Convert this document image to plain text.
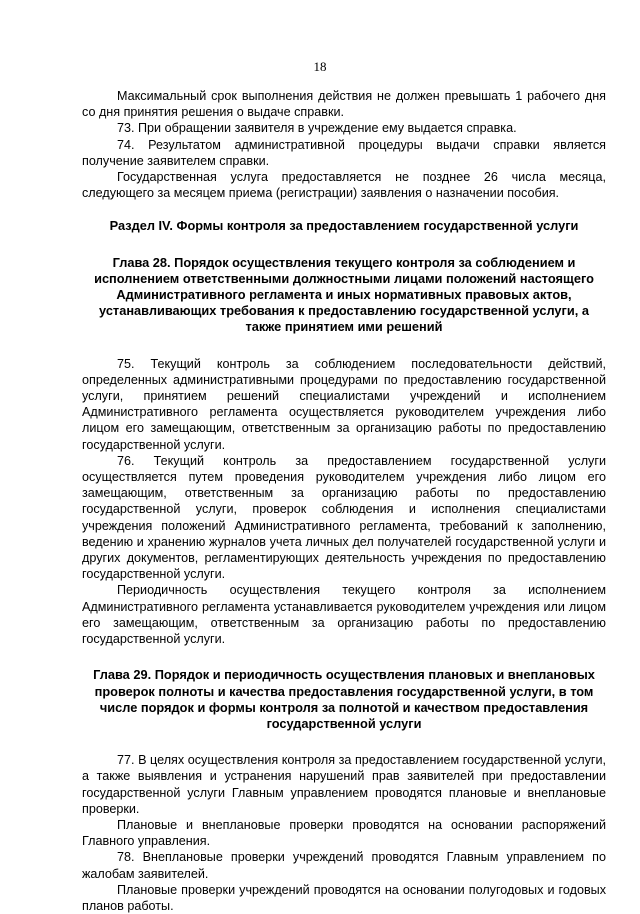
18

Максимальный срок выполнения действия не должен превышать 1 рабочего дня со дня принятия решения о выдаче справки.

73. При обращении заявителя в учреждение ему выдается справка.

74. Результатом административной процедуры выдачи справки является получение заявителем справки.

Государственная услуга предоставляется не позднее 26 числа месяца, следующего за месяцем приема (регистрации) заявления о назначении пособия.

Раздел IV. Формы контроля за предоставлением государственной услуги
Глава 28. Порядок осуществления текущего контроля за соблюдением и исполнением ответственными должностными лицами положений настоящего Административного регламента и иных нормативных правовых актов, устанавливающих требования к предоставлению государственной услуги, а также принятием ими решений

75. Текущий контроль за соблюдением последовательности действий, определенных административными процедурами по предоставлению государственной услуги, принятием решений специалистами учреждений и исполнением Административного регламента осуществляется руководителем учреждения либо лицом его замещающим, ответственным за организацию работы по предоставлению государственной услуги.

76. Текущий контроль за предоставлением государственной услуги осуществляется путем проведения руководителем учреждения либо лицом его замещающим, ответственным за организацию работы по предоставлению государственной услуги, проверок соблюдения и исполнения специалистами учреждения положений Административного регламента, требований к заполнению, ведению и хранению журналов учета личных дел получателей государственной услуги и других документов, регламентирующих деятельность учреждения по предоставлению государственной услуги.

Периодичность осуществления текущего контроля за исполнением Административного регламента устанавливается руководителем учреждения или лицом его замещающим, ответственным за организацию работы по предоставлению государственной услуги.

Глава 29. Порядок и периодичность осуществления плановых и внеплановых проверок полноты и качества предоставления государственной услуги, в том числе порядок и формы контроля за полнотой и качеством предоставления государственной услуги

77. В целях осуществления контроля за предоставлением государственной услуги, а также выявления и устранения нарушений прав заявителей при предоставлении государственной услуги Главным управлением проводятся плановые и внеплановые проверки.

Плановые и внеплановые проверки проводятся на основании распоряжений Главного управления.

78. Внеплановые проверки учреждений проводятся Главным управлением по жалобам заявителей.

Плановые проверки учреждений проводятся на основании полугодовых и годовых планов работы.
